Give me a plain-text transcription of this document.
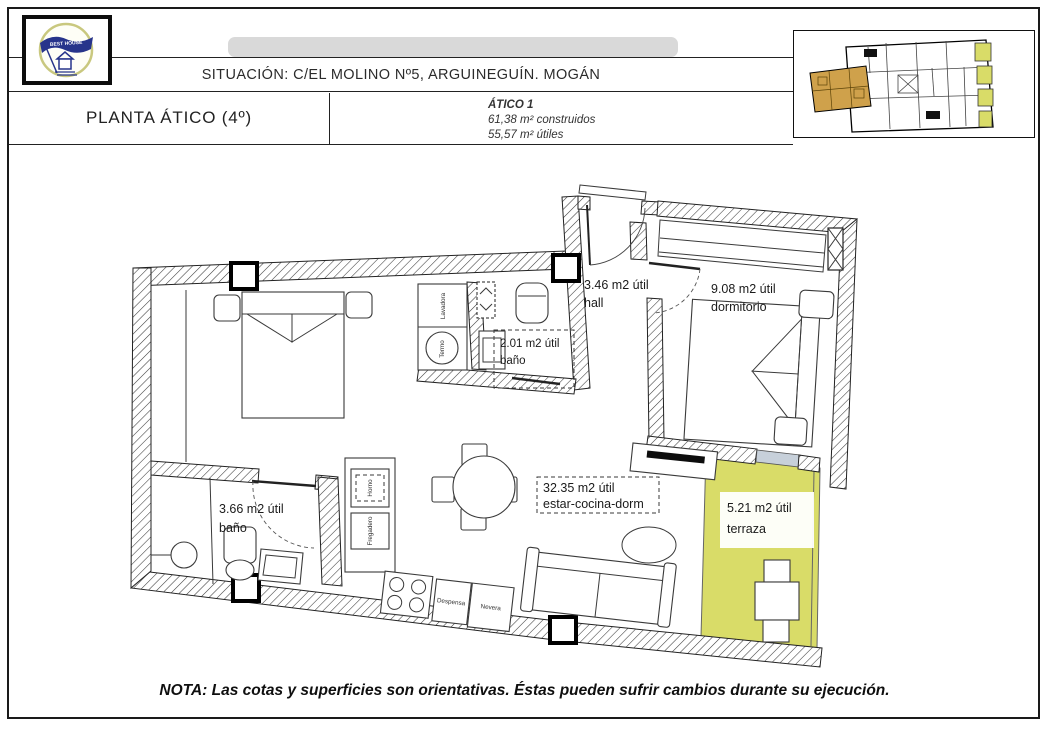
BEST HOUSE
SITUACIÓN: C/EL MOLINO Nº5, ARGUINEGUÍN. MOGÁN
PLANTA ÁTICO (4º)
ÁTICO 1
61,38 m² construidos
55,57 m² útiles
Lavadora
Termo
Horno
Fregadero
Despensa
Nevera
3.46 m2 útil
hall
2.01 m2 útil
baño
9.08 m2 útil
dormitorio
32.35 m2 útil
estar-cocina-dorm
3.66 m2 útil
baño
5.21 m2 útil
terraza
NOTA: Las cotas y superficies son orientativas. Éstas pueden sufrir cambios durante su ejecución.
